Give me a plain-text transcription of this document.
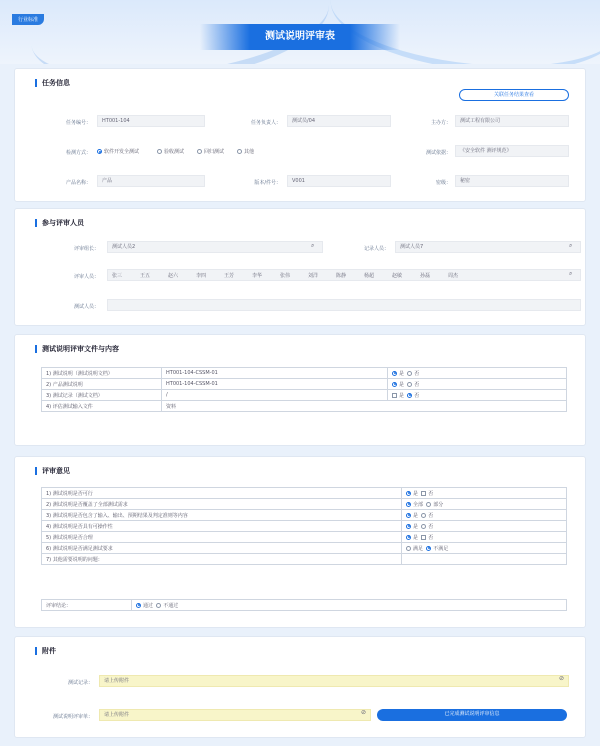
行业标准
测试说明评审表
任务信息
关联任务结果查看
任务编号：	HT001-104	任务负责人：	测试员/04	主办方：	测试工程有限公司
检测方式：	软件开发全测试	验收测试	回归测试	其他	测试依据：	《安全软件 测评规范》
产品名称：	产品	版本/件号：	V001	密级：	秘密
参与评审人员
评审组长：	测试人员2	⌕	记录人员：	测试人员7	⌕
评审人员：	张三	王五	赵六	李四	王芳	李华	张伟	刘洋	陈静	杨超	赵敏	孙磊	周杰	⌕
测试人员：
测试说明评审文件与内容
1) 测试说明（测试说明文档）	HT001-104-CSSM-01	是 否
2) 产品测试说明	HT001-104-CSSM-01	是 否
3) 测试记录（测试文档）	/	是 否
4) 评估测试输入文件	资料	
评审意见
1) 测试说明是否可行	是 否
2) 测试说明是否覆盖了全部测试需求	全部 部分
3) 测试说明是否包含了输入、输出、预期结果及判定准则等内容	是 否
4) 测试说明是否具有可操作性	是 否
5) 测试说明是否合理	是 否
6) 测试说明是否满足测试要求	满足 不满足
7) 其他需要说明的问题：	
评审结论：	通过 不通过
附件
测试记录：	请上传附件	⊘
测试说明评审单：	请上传附件	⊘	已完成测试说明评审信息
